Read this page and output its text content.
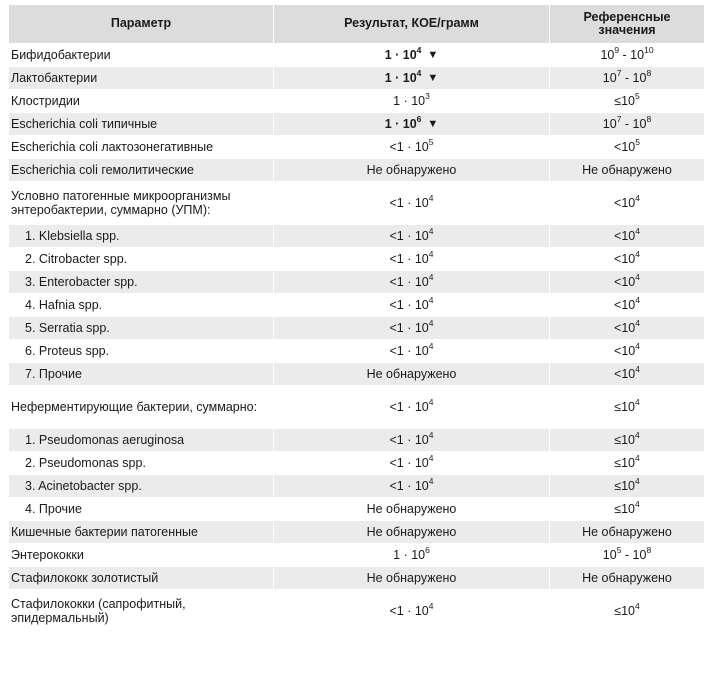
Параметр	Результат, КОЕ/грамм	Референсные значения
Бифидобактерии	$1 \cdot 10^4$ ▼	$10^9 - 10^{10}$
Лактобактерии	$1 \cdot 10^4$ ▼	$10^7 - 10^8$
Клостридии	$1 \cdot 10^3$	$\le 10^5$
Escherichia coli типичные	$1 \cdot 10^6$ ▼	$10^7 - 10^8$
Escherichia coli лактозонегативные	$<1 \cdot 10^5$	$<10^5$
Escherichia coli гемолитические	Не обнаружено	Не обнаружено
Условно патогенные микроорганизмы энтеробактерии, суммарно (УПМ):	$<1 \cdot 10^4$	$<10^4$
1. Klebsiella spp.	$<1 \cdot 10^4$	$<10^4$
2. Citrobacter spp.	$<1 \cdot 10^4$	$<10^4$
3. Enterobacter spp.	$<1 \cdot 10^4$	$<10^4$
4. Hafnia spp.	$<1 \cdot 10^4$	$<10^4$
5. Serratia spp.	$<1 \cdot 10^4$	$<10^4$
6. Proteus spp.	$<1 \cdot 10^4$	$<10^4$
7. Прочие	Не обнаружено	$<10^4$
Неферментирующие бактерии, суммарно:	$<1 \cdot 10^4$	$\le 10^4$
1. Pseudomonas aeruginosa	$<1 \cdot 10^4$	$\le 10^4$
2. Pseudomonas spp.	$<1 \cdot 10^4$	$\le 10^4$
3. Acinetobacter spp.	$<1 \cdot 10^4$	$\le 10^4$
4. Прочие	Не обнаружено	$\le 10^4$
Кишечные бактерии патогенные	Не обнаружено	Не обнаружено
Энтерококки	$1 \cdot 10^6$	$10^5 - 10^8$
Стафилококк золотистый	Не обнаружено	Не обнаружено
Стафилококки (сапрофитный, эпидермальный)	$<1 \cdot 10^4$	$\le 10^4$
